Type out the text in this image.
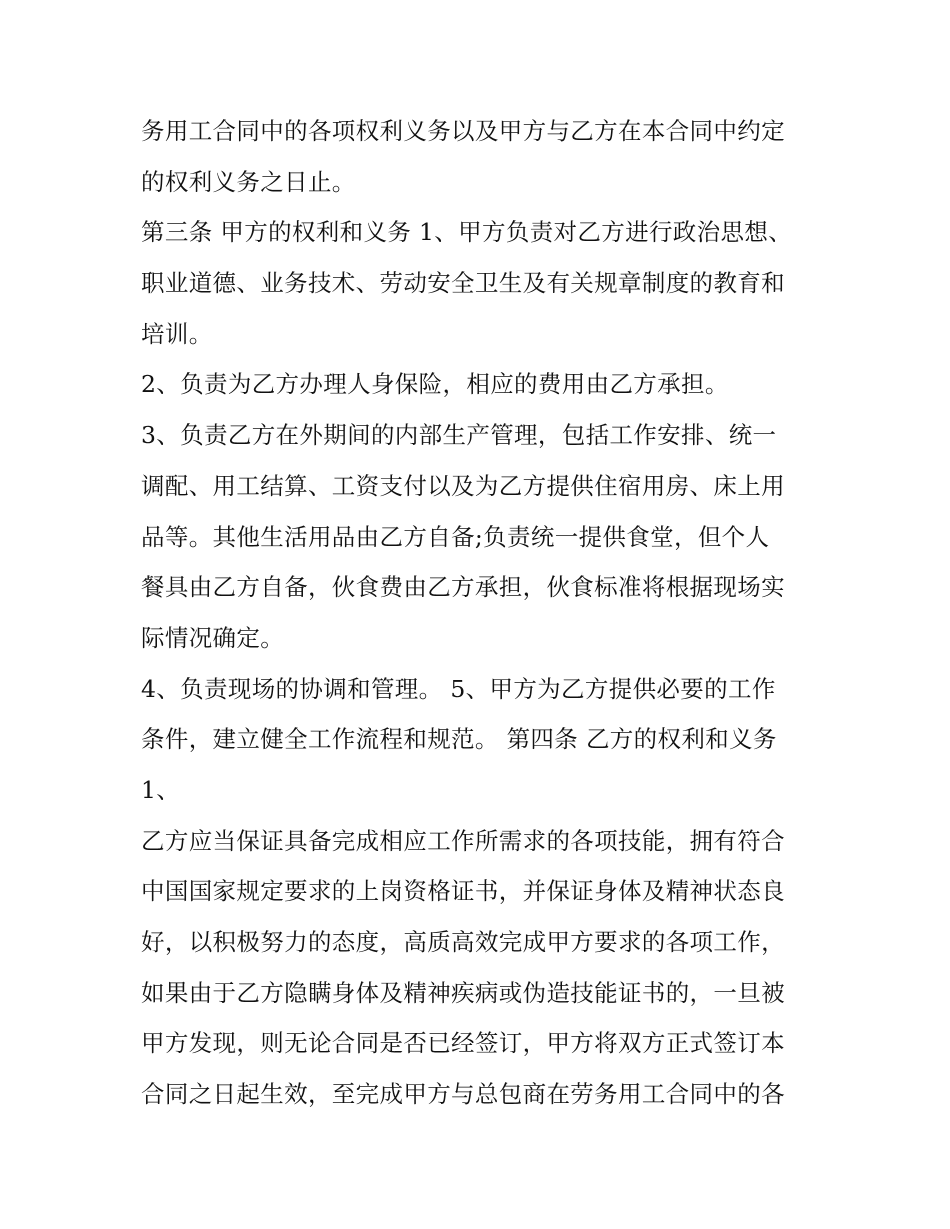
务用工合同中的各项权利义务以及甲方与乙方在本合同中约定
的权利义务之日止。
第三条 甲方的权利和义务 1、甲方负责对乙方进行政治思想、
职业道德、业务技术、劳动安全卫生及有关规章制度的教育和
培训。
2、负责为乙方办理人身保险，相应的费用由乙方承担。
3、负责乙方在外期间的内部生产管理，包括工作安排、统一
调配、用工结算、工资支付以及为乙方提供住宿用房、床上用
品等。其他生活用品由乙方自备;负责统一提供食堂，但个人
餐具由乙方自备，伙食费由乙方承担，伙食标准将根据现场实
际情况确定。
4、负责现场的协调和管理。 5、甲方为乙方提供必要的工作
条件，建立健全工作流程和规范。 第四条 乙方的权利和义务
1、
乙方应当保证具备完成相应工作所需求的各项技能，拥有符合
中国国家规定要求的上岗资格证书，并保证身体及精神状态良
好，以积极努力的态度，高质高效完成甲方要求的各项工作，
如果由于乙方隐瞒身体及精神疾病或伪造技能证书的，一旦被
甲方发现，则无论合同是否已经签订，甲方将双方正式签订本
合同之日起生效，至完成甲方与总包商在劳务用工合同中的各
